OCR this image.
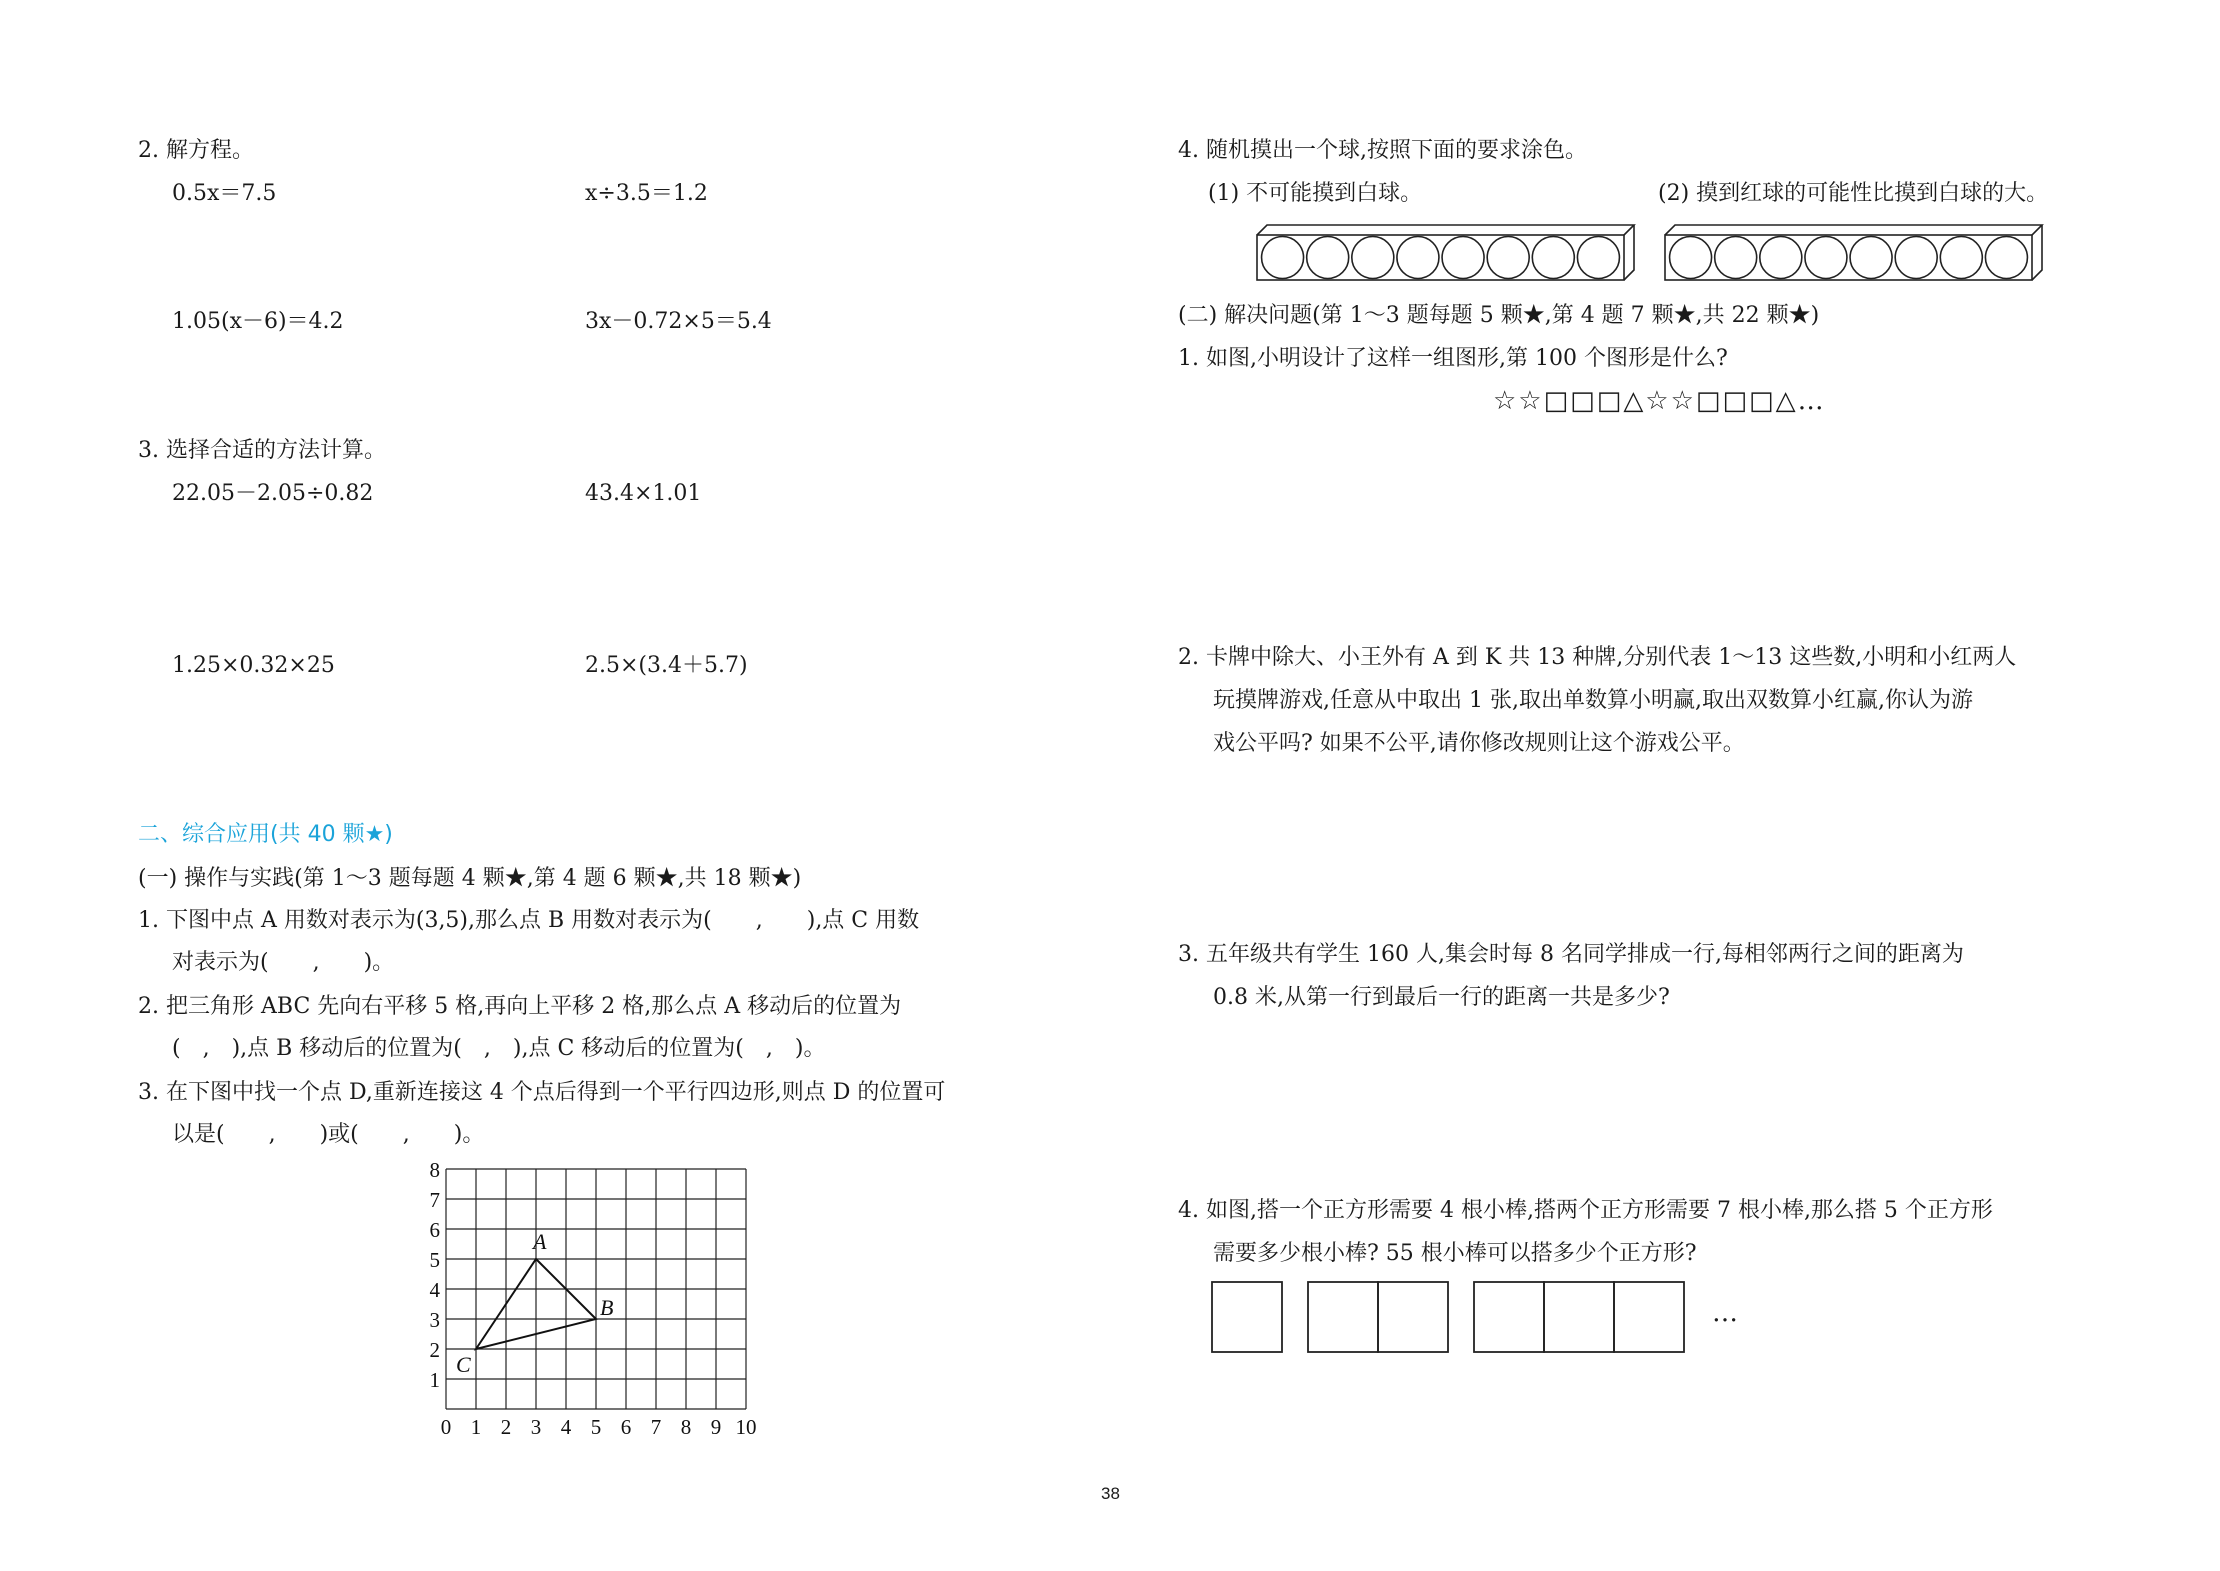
2. 解方程。
0.5x＝7.5	x÷3.5＝1.2
1.05(x－6)＝4.2	3x－0.72×5＝5.4
3. 选择合适的方法计算。
22.05－2.05÷0.82	43.4×1.01
1.25×0.32×25	2.5×(3.4＋5.7)
二、综合应用(共 40 颗★)
(一) 操作与实践(第 1～3 题每题 4 颗★,第 4 题 6 颗★,共 18 颗★)
1. 下图中点 A 用数对表示为(3,5),那么点 B 用数对表示为(　　,　　),点 C 用数
对表示为(　　,　　)。
2. 把三角形 ABC 先向右平移 5 格,再向上平移 2 格,那么点 A 移动后的位置为
(　,　),点 B 移动后的位置为(　,　),点 C 移动后的位置为(　,　)。
3. 在下图中找一个点 D,重新连接这 4 个点后得到一个平行四边形,则点 D 的位置可
以是(　　,　　)或(　　,　　)。
0 1 2 3 4 5 6 7 8 9 10
1
2
3
4
5
6
7
8
A
B
C
4. 随机摸出一个球,按照下面的要求涂色。
(1) 不可能摸到白球。	(2) 摸到红球的可能性比摸到白球的大。
(二) 解决问题(第 1～3 题每题 5 颗★,第 4 题 7 颗★,共 22 颗★)
1. 如图,小明设计了这样一组图形,第 100 个图形是什么?
☆☆□□□△☆☆□□□△…
2. 卡牌中除大、小王外有 A 到 K 共 13 种牌,分别代表 1～13 这些数,小明和小红两人
玩摸牌游戏,任意从中取出 1 张,取出单数算小明赢,取出双数算小红赢,你认为游
戏公平吗? 如果不公平,请你修改规则让这个游戏公平。
3. 五年级共有学生 160 人,集会时每 8 名同学排成一行,每相邻两行之间的距离为
0.8 米,从第一行到最后一行的距离一共是多少?
4. 如图,搭一个正方形需要 4 根小棒,搭两个正方形需要 7 根小棒,那么搭 5 个正方形
需要多少根小棒? 55 根小棒可以搭多少个正方形?
…
38
